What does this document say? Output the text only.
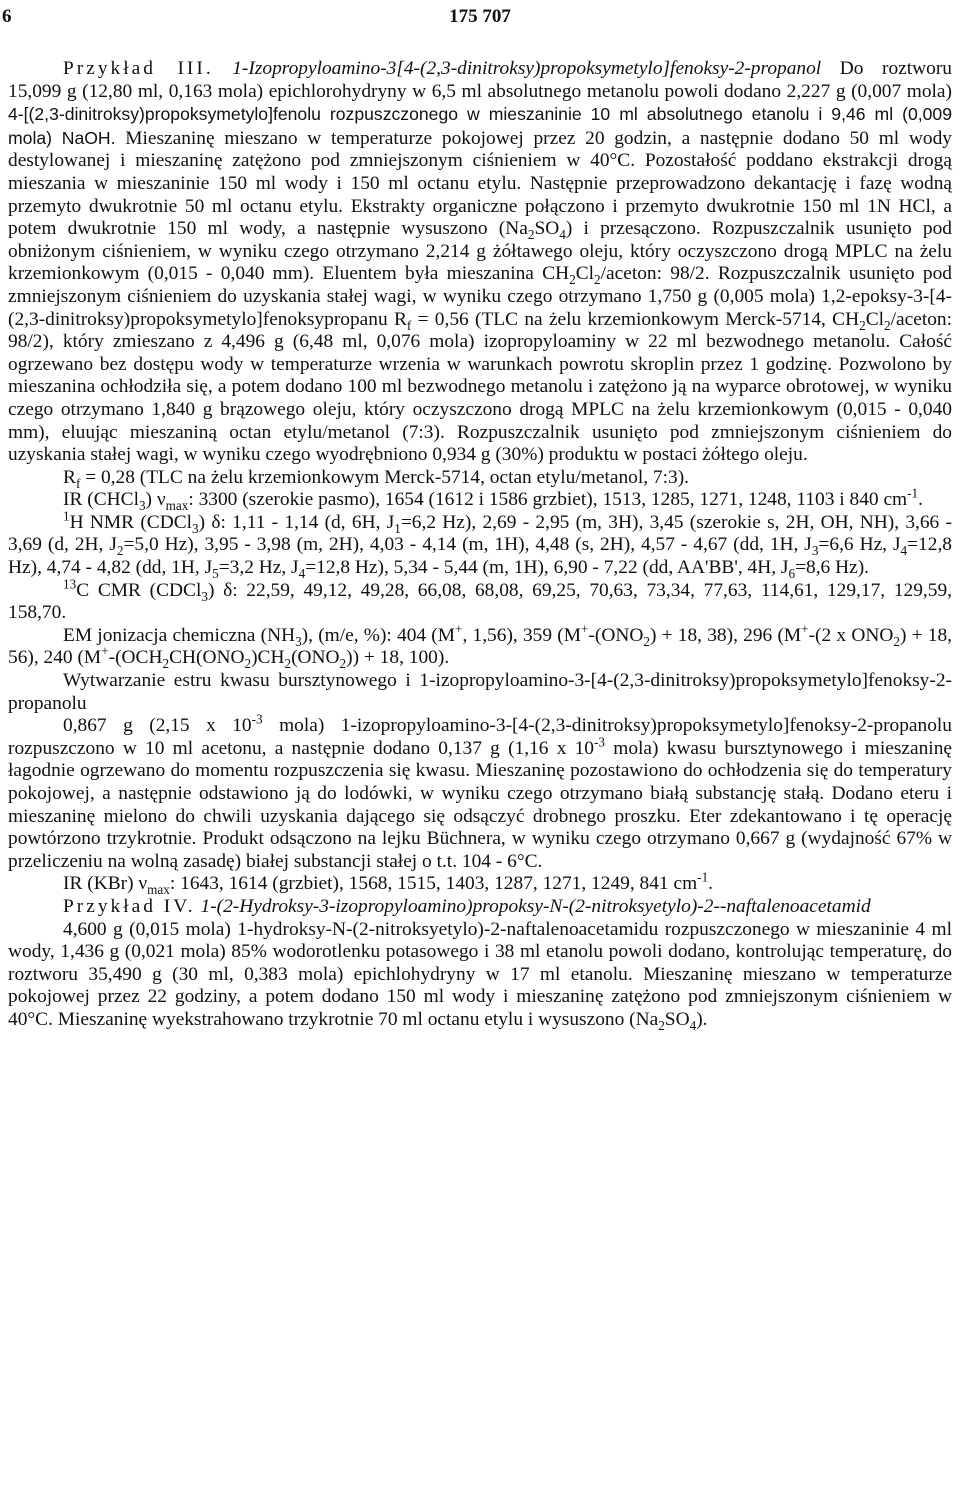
6	175 707

Przykład III. 1-Izopropyloamino-3[4-(2,3-dinitroksy)propoksymetylo]fenoksy-2-propanol Do roztworu 15,099 g (12,80 ml, 0,163 mola) epichlorohydryny w 6,5 ml absolutnego metanolu powoli dodano 2,227 g (0,007 mola) 4-[(2,3-dinitroksy)propoksymetylo]fenolu rozpuszczonego w mieszaninie 10 ml absolutnego etanolu i 9,46 ml (0,009 mola) NaOH. Mieszaninę mieszano w temperaturze pokojowej przez 20 godzin, a następnie dodano 50 ml wody destylowanej i mieszaninę zatężono pod zmniejszonym ciśnieniem w 40°C. Pozostałość poddano ekstrakcji drogą mieszania w mieszaninie 150 ml wody i 150 ml octanu etylu. Następnie przeprowadzono dekantację i fazę wodną przemyto dwukrotnie 50 ml octanu etylu. Ekstrakty organiczne połączono i przemyto dwukrotnie 150 ml 1N HCl, a potem dwukrotnie 150 ml wody, a następnie wysuszono $(Na_2SO_4)$ i przesączono. Rozpuszczalnik usunięto pod obniżonym ciśnieniem, w wyniku czego otrzymano 2,214 g żółtawego oleju, który oczyszczono drogą MPLC na żelu krzemionkowym (0,015 - 0,040 mm). Eluentem była mieszanina $CH_2Cl_2$/aceton: 98/2. Rozpuszczalnik usunięto pod zmniejszonym ciśnieniem do uzyskania stałej wagi, w wyniku czego otrzymano 1,750 g (0,005 mola) 1,2-epoksy-3-[4-(2,3-dinitroksy)propoksymetylo]fenoksypropanu $R_f = 0,56$ (TLC na żelu krzemionkowym Merck-5714, $CH_2Cl_2$/aceton: 98/2), który zmieszano z 4,496 g (6,48 ml, 0,076 mola) izopropyloaminy w 22 ml bezwodnego metanolu. Całość ogrzewano bez dostępu wody w temperaturze wrzenia w warunkach powrotu skroplin przez 1 godzinę. Pozwolono by mieszanina ochłodziła się, a potem dodano 100 ml bezwodnego metanolu i zatężono ją na wyparce obrotowej, w wyniku czego otrzymano 1,840 g brązowego oleju, który oczyszczono drogą MPLC na żelu krzemionkowym (0,015 - 0,040 mm), eluując mieszaniną octan etylu/metanol (7:3). Rozpuszczalnik usunięto pod zmniejszonym ciśnieniem do uzyskania stałej wagi, w wyniku czego wyodrębniono 0,934 g (30%) produktu w postaci żółtego oleju.

$R_f = 0,28$ (TLC na żelu krzemionkowym Merck-5714, octan etylu/metanol, 7:3).

IR (CHCl$_3$) $\nu_{max}$: 3300 (szerokie pasmo), 1654 (1612 i 1586 grzbiet), 1513, 1285, 1271, 1248, 1103 i 840 $cm^{-1}$.

$^1$H NMR (CDCl$_3$) δ: 1,11 - 1,14 (d, 6H, $J_1=6,2$ Hz), 2,69 - 2,95 (m, 3H), 3,45 (szerokie s, 2H, OH, NH), 3,66 - 3,69 (d, 2H, $J_2=5,0$ Hz), 3,95 - 3,98 (m, 2H), 4,03 - 4,14 (m, 1H), 4,48 (s, 2H), 4,57 - 4,67 (dd, 1H, $J_3=6,6$ Hz, $J_4=12,8$ Hz), 4,74 - 4,82 (dd, 1H, $J_5=3,2$ Hz, $J_4=12,8$ Hz), 5,34 - 5,44 (m, 1H), 6,90 - 7,22 (dd, AA'BB', 4H, $J_6=8,6$ Hz).

$^{13}$C CMR (CDCl$_3$) δ: 22,59, 49,12, 49,28, 66,08, 68,08, 69,25, 70,63, 73,34, 77,63, 114,61, 129,17, 129,59, 158,70.

EM jonizacja chemiczna $(NH_3)$, (m/e, %): 404 (M+, 1,56), 359 ($M^+-(ONO_2) + 18$, 38), 296 (M+-(2 x $ONO_2) + 18$, 56), 240 ($M^+-(OCH_2CH(ONO_2)CH_2(ONO_2)) + 18$, 100).

Wytwarzanie estru kwasu bursztynowego i 1-izopropyloamino-3-[4-(2,3-dinitroksy)propoksymetylo]fenoksy-2-propanolu

0,867 g (2,15 x $10^{-3}$ mola) 1-izopropyloamino-3-[4-(2,3-dinitroksy)propoksymetylo]fenoksy-2-propanolu rozpuszczono w 10 ml acetonu, a następnie dodano 0,137 g (1,16 x $10^{-3}$ mola) kwasu bursztynowego i mieszaninę łagodnie ogrzewano do momentu rozpuszczenia się kwasu. Mieszaninę pozostawiono do ochłodzenia się do temperatury pokojowej, a następnie odstawiono ją do lodówki, w wyniku czego otrzymano białą substancję stałą. Dodano eteru i mieszaninę mielono do chwili uzyskania dającego się odsączyć drobnego proszku. Eter zdekantowano i tę operację powtórzono trzykrotnie. Produkt odsączono na lejku Büchnera, w wyniku czego otrzymano 0,667 g (wydajność 67% w przeliczeniu na wolną zasadę) białej substancji stałej o t.t. 104 - 6°C.

IR (KBr) $\nu_{max}$: 1643, 1614 (grzbiet), 1568, 1515, 1403, 1287, 1271, 1249, 841 $cm^{-1}$.

Przykład IV. 1-(2-Hydroksy-3-izopropyloamino)propoksy-N-(2-nitroksyetylo)-2--naftalenoacetamid

4,600 g (0,015 mola) 1-hydroksy-N-(2-nitroksyetylo)-2-naftalenoacetamidu rozpuszczonego w mieszaninie 4 ml wody, 1,436 g (0,021 mola) 85% wodorotlenku potasowego i 38 ml etanolu powoli dodano, kontrolując temperaturę, do roztworu 35,490 g (30 ml, 0,383 mola) epichlohydryny w 17 ml etanolu. Mieszaninę mieszano w temperaturze pokojowej przez 22 godziny, a potem dodano 150 ml wody i mieszaninę zatężono pod zmniejszonym ciśnieniem w 40°C. Mieszaninę wyekstrahowano trzykrotnie 70 ml octanu etylu i wysuszono $(Na_2SO_4)$.
